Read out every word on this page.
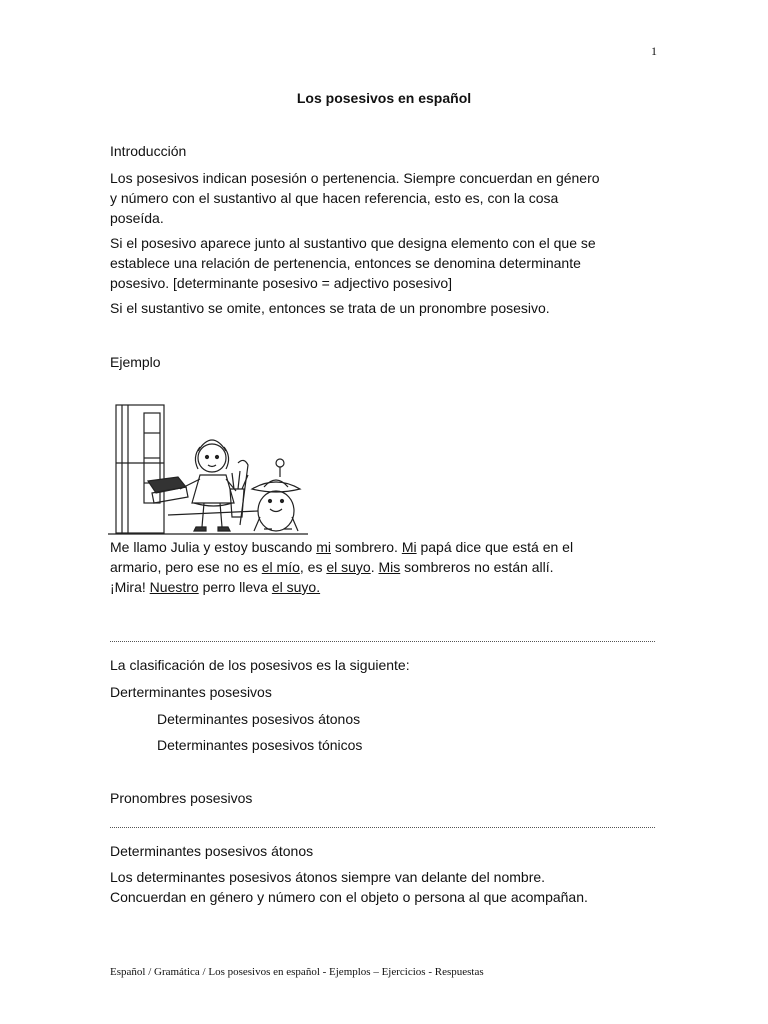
1
Los posesivos en español
Introducción
Los posesivos indican posesión o pertenencia. Siempre concuerdan en género
y número con el sustantivo al que hacen referencia, esto es, con la cosa
poseída.
Si el posesivo aparece junto al sustantivo que designa elemento con el que se
establece una relación de pertenencia, entonces se denomina determinante
posesivo. [determinante posesivo = adjectivo posesivo]
Si el sustantivo se omite, entonces se trata de un pronombre posesivo.
Ejemplo
Me llamo Julia y estoy buscando mi sombrero. Mi papá dice que está en el
armario, pero ese no es el mío, es el suyo. Mis sombreros no están allí.
¡Mira! Nuestro perro lleva el suyo.
La clasificación de los posesivos es la siguiente:
Derterminantes posesivos
Determinantes posesivos átonos
Determinantes posesivos tónicos
Pronombres posesivos
Determinantes posesivos átonos
Los determinantes posesivos átonos siempre van delante del nombre.
Concuerdan en género y número con el objeto o persona al que acompañan.
Español / Gramática / Los posesivos en español - Ejemplos – Ejercicios - Respuestas
